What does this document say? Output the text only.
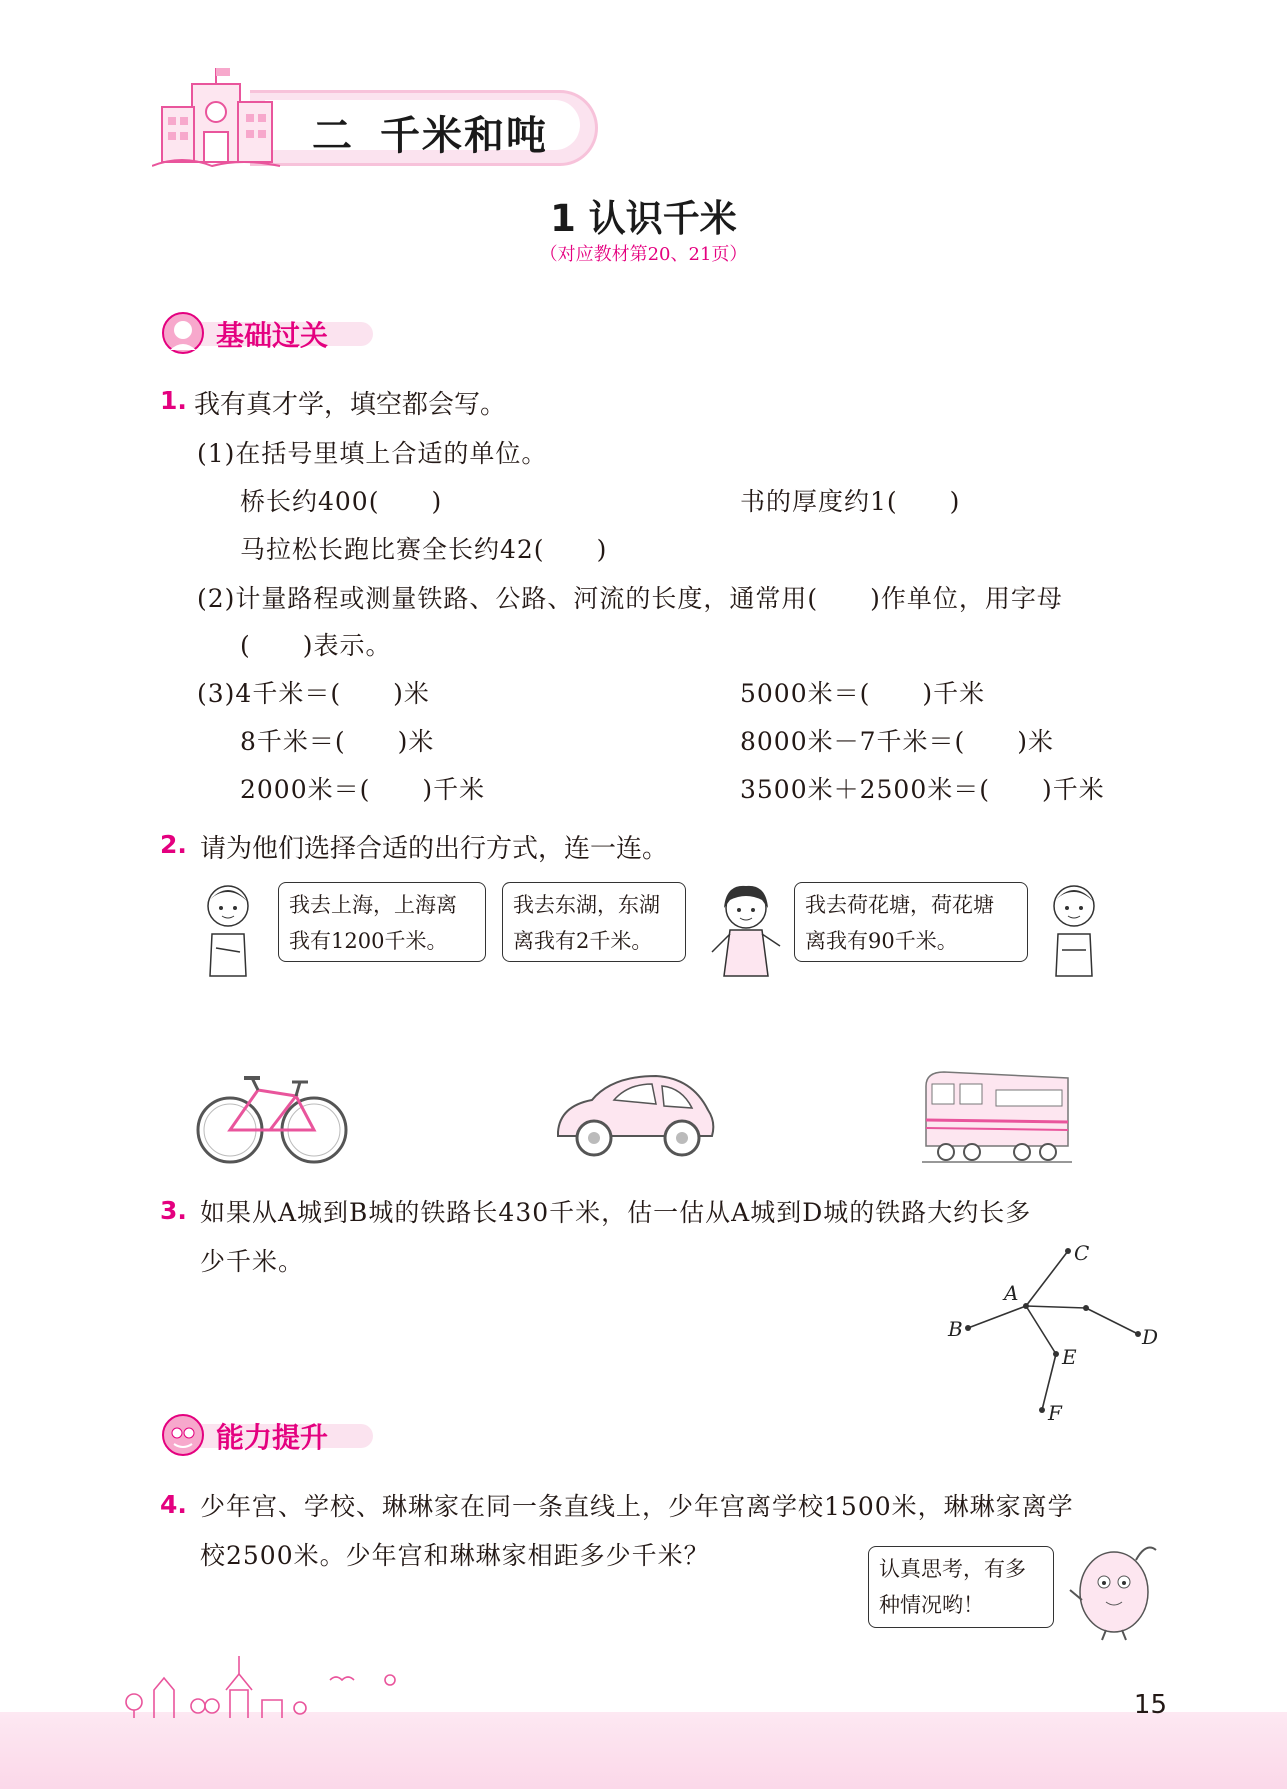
二 千米和吨
1 认识千米
（对应教材第20、21页）
基础过关
1. 我有真才学，填空都会写。
(1)在括号里填上合适的单位。
桥长约400(　　)	书的厚度约1(　　)
马拉松长跑比赛全长约42(　　)
(2)计量路程或测量铁路、公路、河流的长度，通常用(　　)作单位，用字母
(　　)表示。
(3)4千米＝(　　)米	5000米＝(　　)千米
8千米＝(　　)米	8000米－7千米＝(　　)米
2000米＝(　　)千米	3500米＋2500米＝(　　)千米
2. 请为他们选择合适的出行方式，连一连。
我去上海，上海离
我有1200千米。
我去东湖，东湖
离我有2千米。
我去荷花塘，荷花塘
离我有90千米。
3. 如果从A城到B城的铁路长430千米，估一估从A城到D城的铁路大约长多
少千米。
A
B
C
D
E
F
能力提升
4. 少年宫、学校、琳琳家在同一条直线上，少年宫离学校1500米，琳琳家离学
校2500米。少年宫和琳琳家相距多少千米？	认真思考，有多
种情况哟！
15
